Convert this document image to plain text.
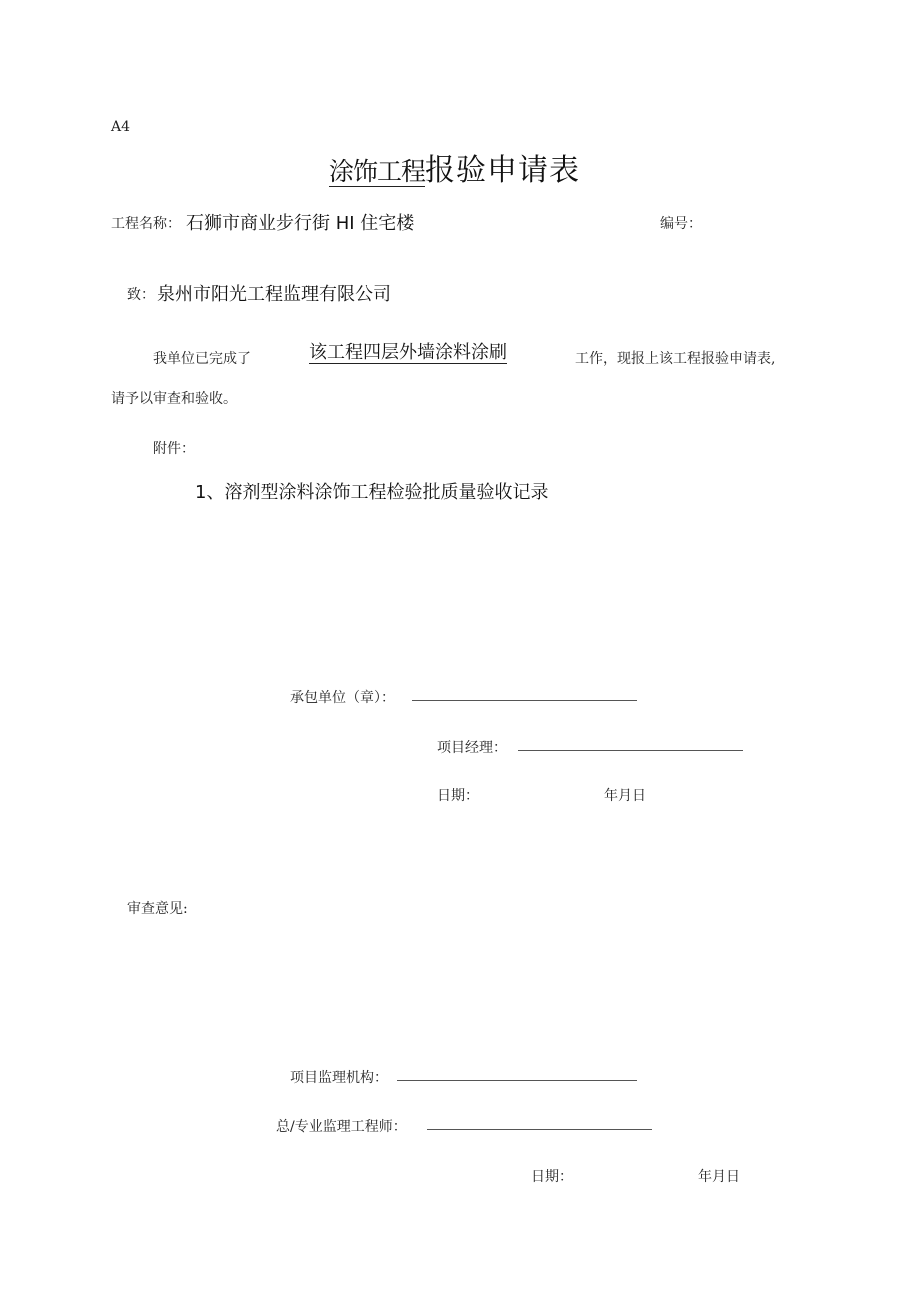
A4
涂饰工程报验申请表
工程名称： 石狮市商业步行街 HI 住宅楼	编号：
致： 泉州市阳光工程监理有限公司
我单位已完成了	该工程四层外墙涂料涂刷	工作，现报上该工程报验申请表,
请予以审查和验收。
附件：
1、溶剂型涂料涂饰工程检验批质量验收记录
承包单位（章）：
项目经理：
日期：	年月日
审查意见:
项目监理机构：
总/专业监理工程师：
日期：	年月日
